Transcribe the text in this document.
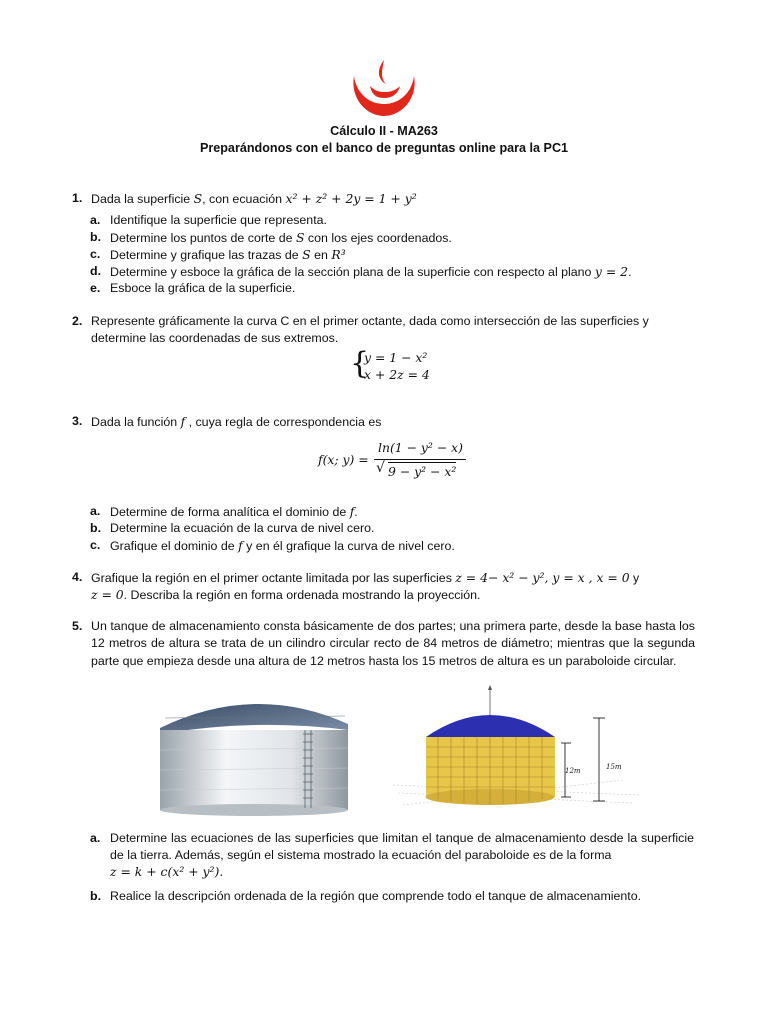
Cálculo II - MA263
Preparándonos con el banco de preguntas online para la PC1
1. Dada la superficie S, con ecuación x² + z² + 2y = 1 + y²
a. Identifique la superficie que representa.
b. Determine los puntos de corte de S con los ejes coordenados.
c. Determine y grafique las trazas de S en R³
d. Determine y esboce la gráfica de la sección plana de la superficie con respecto al plano y = 2.
e. Esboce la gráfica de la superficie.
2. Represente gráficamente la curva C en el primer octante, dada como intersección de las superficies y
determine las coordenadas de sus extremos.
{
y = 1 − x²
x + 2z = 4
3. Dada la función f , cuya regla de correspondencia es
f(x; y) =
ln(1 − y² − x)
√ 9 − y² − x²
a. Determine de forma analítica el dominio de f.
b. Determine la ecuación de la curva de nivel cero.
c. Grafique el dominio de f y en él grafique la curva de nivel cero.
4. Grafique la región en el primer octante limitada por las superficies z = 4− x² − y², y = x , x = 0 y
z = 0. Describa la región en forma ordenada mostrando la proyección.
5. Un tanque de almacenamiento consta básicamente de dos partes; una primera parte, desde la base hasta los 12 metros de altura se trata de un cilindro circular recto de 84 metros de diámetro; mientras que la segunda parte que empieza desde una altura de 12 metros hasta los 15 metros de altura es un paraboloide circular.
12m	15m
a. Determine las ecuaciones de las superficies que limitan el tanque de almacenamiento desde la superficie de la tierra. Además, según el sistema mostrado la ecuación del paraboloide es de la forma
z = k + c(x² + y²).
b. Realice la descripción ordenada de la región que comprende todo el tanque de almacenamiento.
